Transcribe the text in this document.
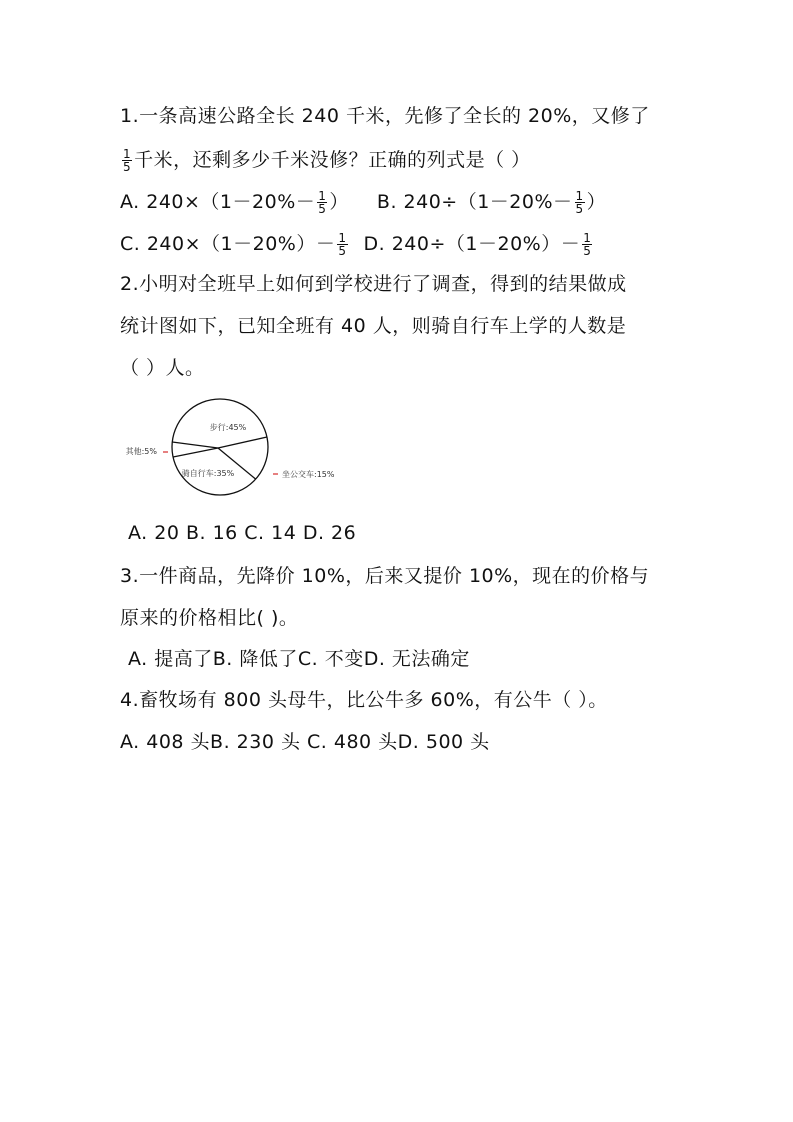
1.一条高速公路全长 240 千米，先修了全长的 20%，又修了
$\frac{1}{5}$ 千米，还剩多少千米没修？正确的列式是（ ）
A. $240\times(1-20\%- \frac{1}{5}$ ） B. $240\div(1-20\%- \frac{1}{5}$ ）
C. $240\times(1-20\%)- \frac{1}{5} D$. $240\div(1-20\%)- \frac{1}{5}$
2.小明对全班早上如何到学校进行了调查，得到的结果做成
统计图如下，已知全班有 40 人，则骑自行车上学的人数是
（ ）人。
步行:45%
坐公交车:15%
骑自行车:35%
其他:5%
A. 20 B. 16 C. 14 D. 26
3.一件商品，先降价 10%，后来又提价 10%，现在的价格与
原来的价格相比( )。
A. 提高了B. 降低了C. 不变D. 无法确定
4.畜牧场有 800 头母牛，比公牛多 60%，有公牛（ ）。
A. 408 头B. 230 头 C. 480 头D. 500 头
